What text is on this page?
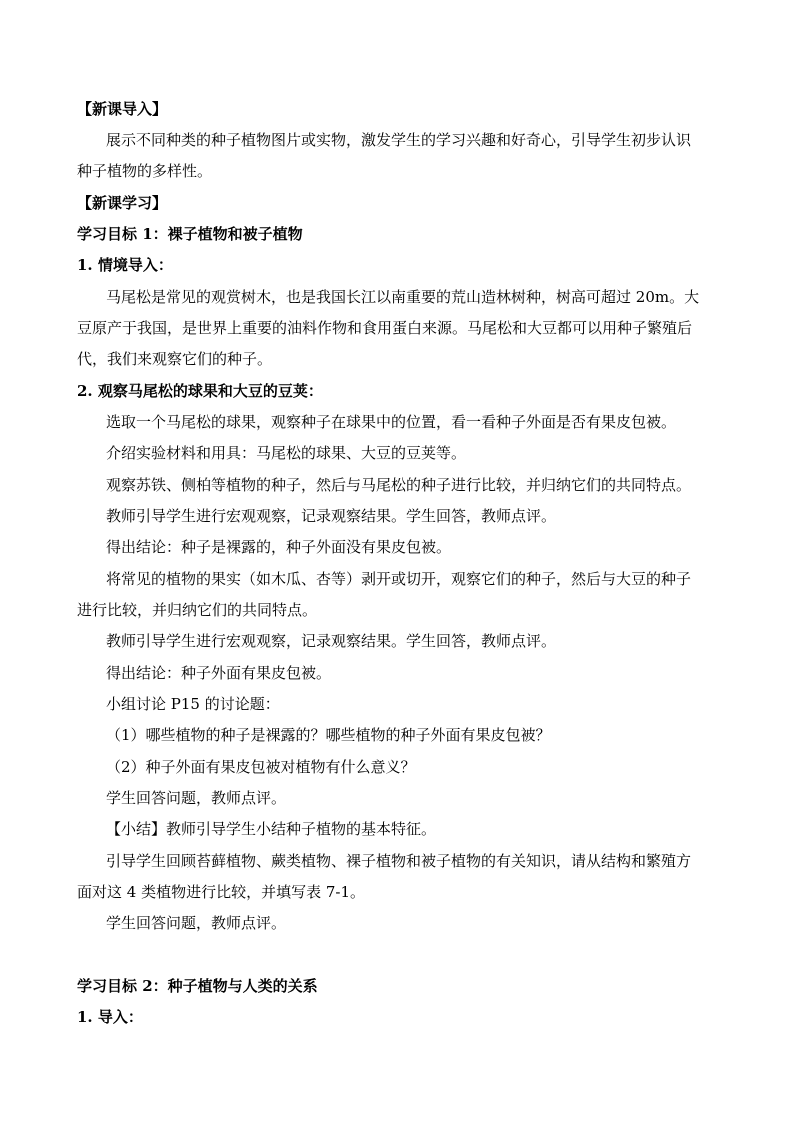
【新课导入】
展示不同种类的种子植物图片或实物，激发学生的学习兴趣和好奇心，引导学生初步认识
种子植物的多样性。
【新课学习】
学习目标 1：裸子植物和被子植物
1. 情境导入：
马尾松是常见的观赏树木，也是我国长江以南重要的荒山造林树种，树高可超过 20m。大
豆原产于我国，是世界上重要的油料作物和食用蛋白来源。马尾松和大豆都可以用种子繁殖后
代，我们来观察它们的种子。
2. 观察马尾松的球果和大豆的豆荚：
选取一个马尾松的球果，观察种子在球果中的位置，看一看种子外面是否有果皮包被。
介绍实验材料和用具：马尾松的球果、大豆的豆荚等。
观察苏铁、侧柏等植物的种子，然后与马尾松的种子进行比较，并归纳它们的共同特点。
教师引导学生进行宏观观察，记录观察结果。学生回答，教师点评。
得出结论：种子是裸露的，种子外面没有果皮包被。
将常见的植物的果实（如木瓜、杏等）剥开或切开，观察它们的种子，然后与大豆的种子
进行比较，并归纳它们的共同特点。
教师引导学生进行宏观观察，记录观察结果。学生回答，教师点评。
得出结论：种子外面有果皮包被。
小组讨论 P15 的讨论题：
（1）哪些植物的种子是裸露的？哪些植物的种子外面有果皮包被？
（2）种子外面有果皮包被对植物有什么意义？
学生回答问题，教师点评。
【小结】教师引导学生小结种子植物的基本特征。
引导学生回顾苔藓植物、蕨类植物、裸子植物和被子植物的有关知识，请从结构和繁殖方
面对这 4 类植物进行比较，并填写表 7-1。
学生回答问题，教师点评。
学习目标 2：种子植物与人类的关系
1. 导入：
